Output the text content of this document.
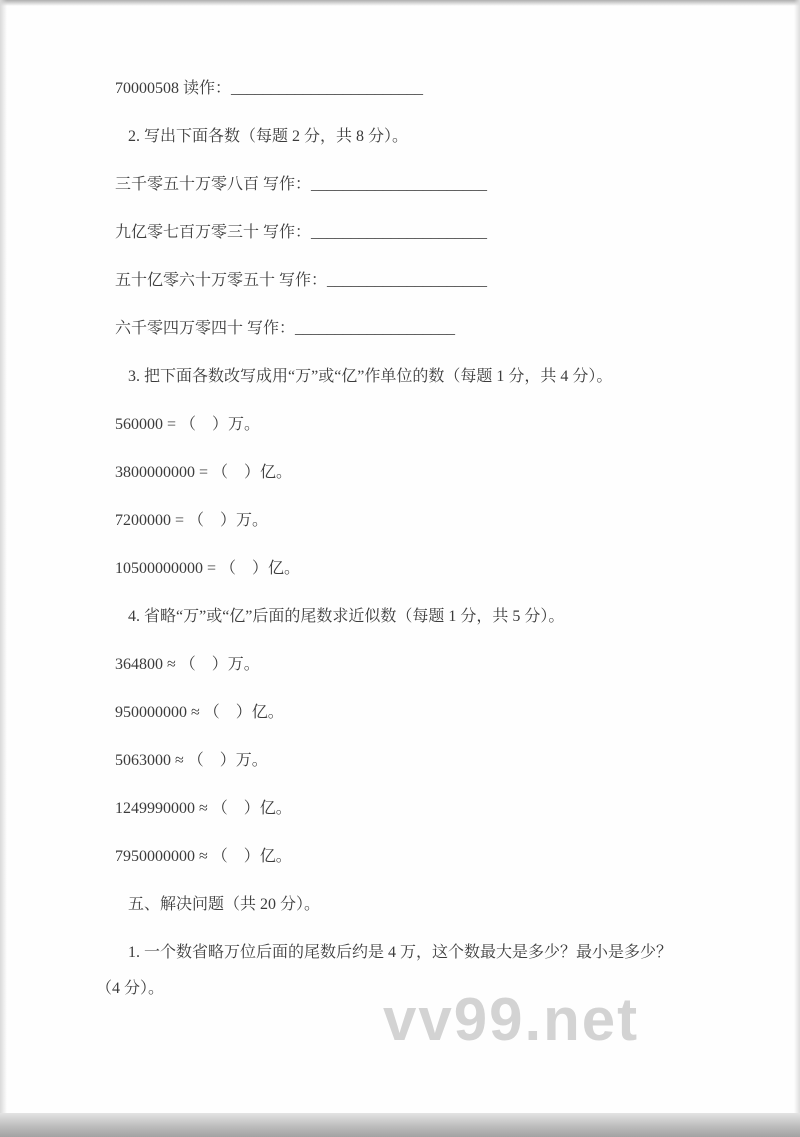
70000508 读作：________________________

2. 写出下面各数（每题 2 分，共 8 分）。

三千零五十万零八百 写作：______________________

九亿零七百万零三十 写作：______________________

五十亿零六十万零五十 写作：____________________

六千零四万零四十 写作：____________________

3. 把下面各数改写成用“万”或“亿”作单位的数（每题 1 分，共 4 分）。

560000 = （　）万。

3800000000 = （　）亿。

7200000 = （　）万。

10500000000 = （　）亿。

4. 省略“万”或“亿”后面的尾数求近似数（每题 1 分，共 5 分）。

364800 ≈ （　）万。

950000000 ≈ （　）亿。

5063000 ≈ （　）万。

1249990000 ≈ （　）亿。

7950000000 ≈ （　）亿。

五、解决问题（共 20 分）。

1. 一个数省略万位后面的尾数后约是 4 万，这个数最大是多少？最小是多少？

（4 分）。	vv99.net
